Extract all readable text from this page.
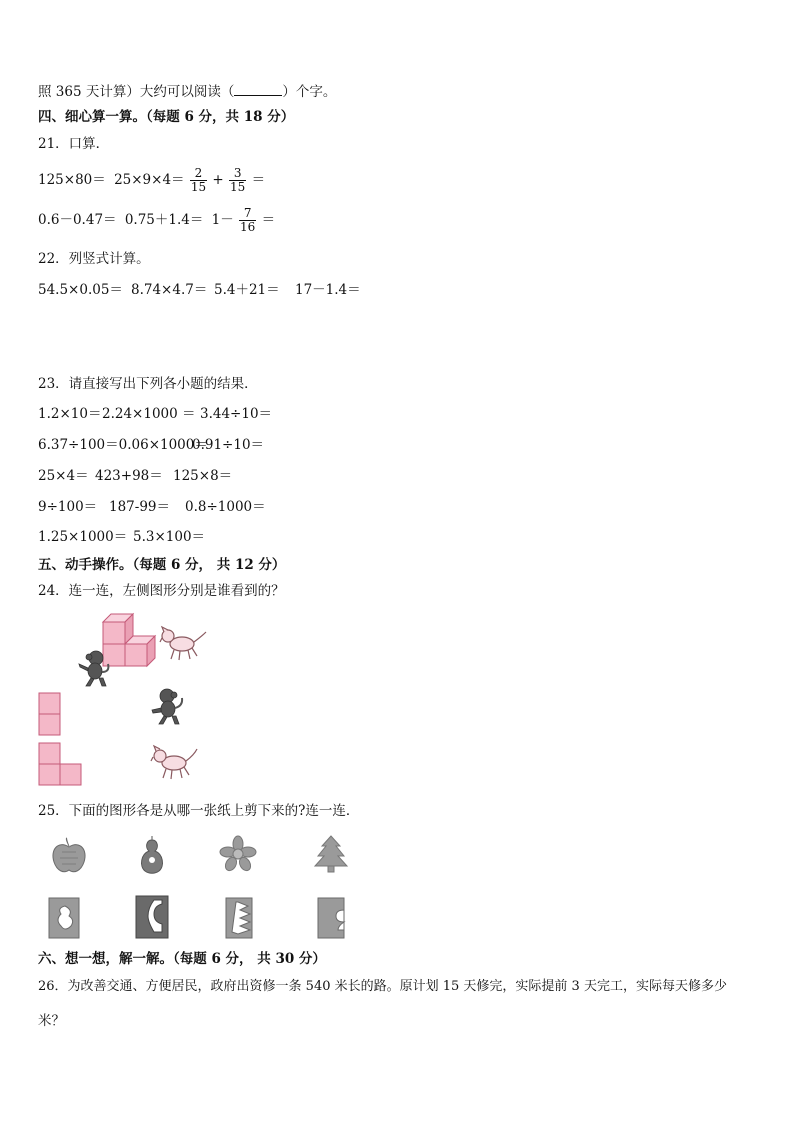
照 365 天计算）大约可以阅读（	）个字。
四、细心算一算。（每题 6 分，共 18 分）
21．口算．
$125\times 80= 25\times 9\times 4= \frac{2}{15} + \frac{3}{15}$ ＝
$0.6-0.47= 0.75+1.4= 1- \frac{7}{16}$ ＝
22．列竖式计算。
54.5×0.05＝ 8.74×4.7＝ 5.4＋21＝ 17－1.4＝
23．请直接写出下列各小题的结果．
1.2×10＝ 2.24×1000 ＝ 3.44÷10＝
6.37÷100＝0.06×1000＝
0.91÷10＝
25×4＝ 423+98＝ 125×8＝
9÷100＝ 187-99＝ 0.8÷1000＝
1.25×1000＝ 5.3×100＝
五、动手操作。（每题 6 分， 共 12 分）
24．连一连，左侧图形分别是谁看到的？
25．下面的图形各是从哪一张纸上剪下来的?连一连．
六、想一想，解一解。（每题 6 分， 共 30 分）
26．为改善交通、方便居民，政府出资修一条 540 米长的路。原计划 15 天修完，实际提前 3 天完工，实际每天修多少
米？
